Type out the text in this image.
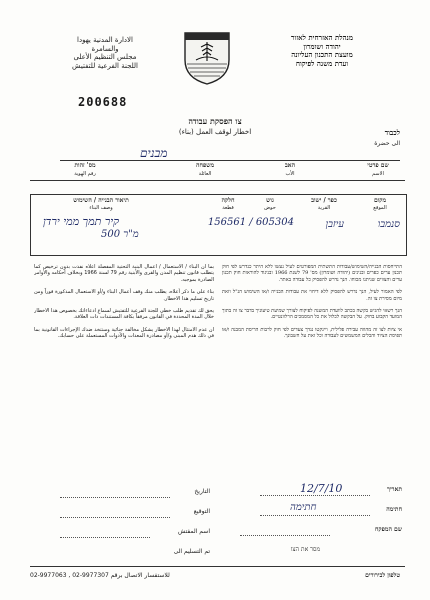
מנהלת האזרחית לאזור
יהודה ושומרון
מועצת התכנון העליונה
ועדת משנה לפיקוח
الادارة المدنية يهودا
والسامرة
مجلس التنظيم الأعلى
اللجنة الفرعية للتفتيش
200688
צו הפסקת עבודה
اخطار لوقف العمل (بناء)	לכבוד
الى حضرة
מבנים
שם פרטי
האב
משפחה
מס' זהות
الاسم
الأب
العائلة
رقم الهوية
מקום
כפר / ישוב
גוש
חלקה
תיאור הבנייה / השימוש
الموقع
القرية
حوض
قطعة
وصف البناء
סנמבו
עיזבן
156561 / 605304
קיר תמך ממי ירדן
500 מ"ר
התייחסות הבנייה/השימוש/עבודות התשתית המפורטים לעיל נעשו ללא היתר כנדרש לפי חוק תכנון ערים כפרים ובנינים (יהודה ושומרון) מס' 79 לשנת 1966 ובניגוד להוראות חוק תכנון ערים והצווים שניתנו מכוחו. הנך נדרש להפסיק כל עבודה באתר.
לפי האמור לעיל, הנך נדרש להפסיק ללא דיחוי את עבודות הבנייה ו/או השימוש הנ"ל וזאת מיום מסירת צו זה.
הנך רשאי להגיש בקשה בכתב לוועדת המשנה לפיקוח לצורך שמיעת טיעוניך בדבר צו זה בתוך המועד הקבוע בחוק. על הבקשה לכלול את כל המסמכים הרלוונטיים.
אי ציות לצו זה מהווה עבירה פלילית, ויינקטו נגדך צעדים לפי חוק לרבות הריסת המבנה ו/או תפיסת הציוד והכלים המשמשים לעבודה וכל זאת על חשבונך.
بما أن البناء / الاستعمال / أعمال البنية التحتية المفصلة أعلاه نفذت بدون ترخيص كما يتطلب قانون تنظيم المدن والقرى والأبنية رقم 79 لسنة 1966 وبخلاف أحكامه والأوامر الصادرة بموجبه.
بناء على ما ذكر أعلاه، يطلب منك وقف أعمال البناء و/أو الاستعمال المذكورة فوراً ومن تاريخ تسليم هذا الاخطار.
يحق لك تقديم طلب خطي للجنة الفرعية للتفتيش لسماع ادعاءاتك بخصوص هذا الاخطار خلال المدة المحددة في القانون مرفقاً بكافة المستندات ذات العلاقة.
ان عدم الامتثال لهذا الاخطار يشكل مخالفة جنائية وستتخذ ضدك الإجراءات القانونية بما في ذلك هدم المبنى و/أو مصادرة المعدات والأدوات المستعملة على حسابك.
תאריך
12/7/10
חתימה
חתימה
שם המפקח
מסר את הצו
التاريخ
التوقيع
اسم المفتش
تم التسليم الى
02-9977063 , 02-9977307 للاستفسار الاتصال برقم	טלפון לבירורים
